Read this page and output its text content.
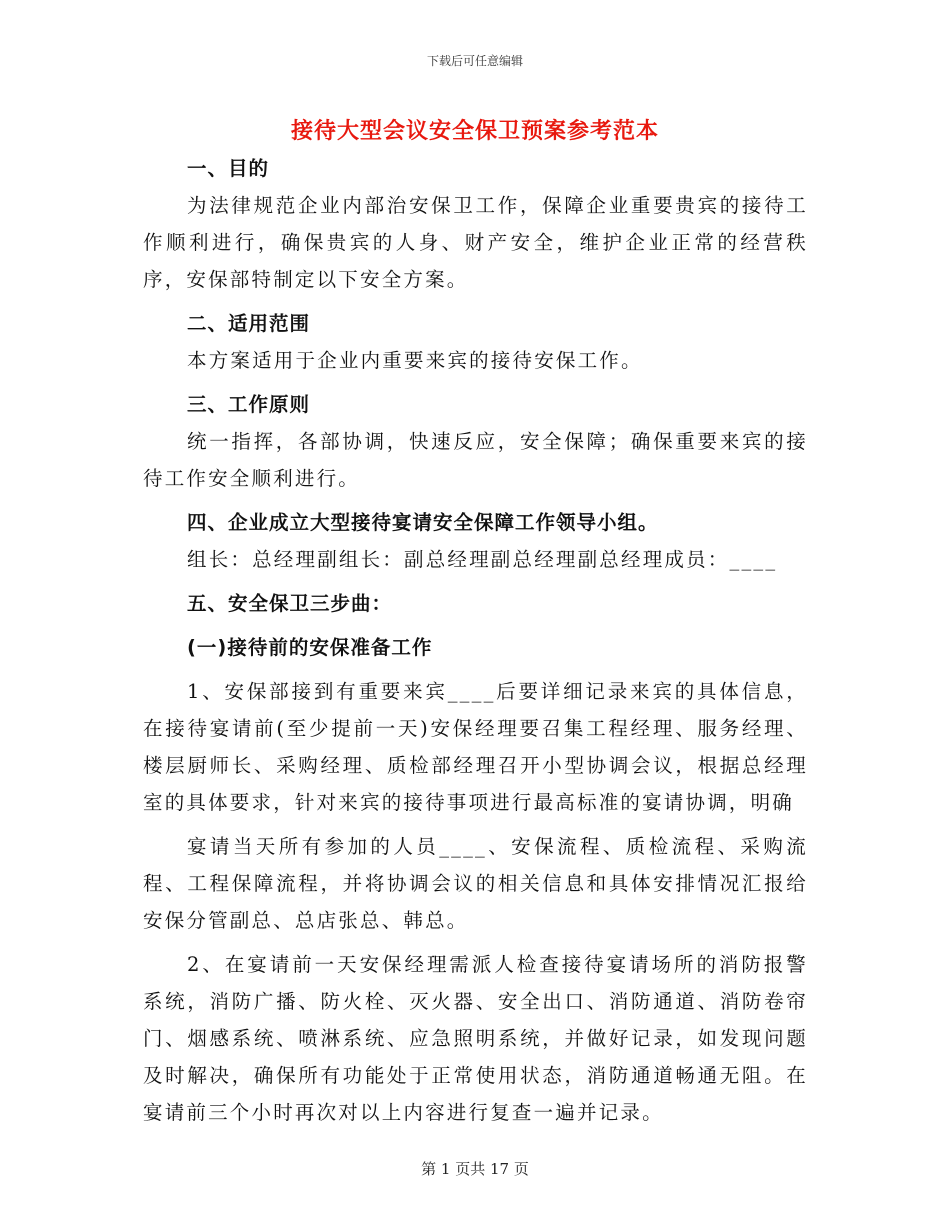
下载后可任意编辑
接待大型会议安全保卫预案参考范本
一、目的

为法律规范企业内部治安保卫工作，保障企业重要贵宾的接待工作顺利进行，确保贵宾的人身、财产安全，维护企业正常的经营秩序，安保部特制定以下安全方案。

二、适用范围

本方案适用于企业内重要来宾的接待安保工作。

三、工作原则

统一指挥，各部协调，快速反应，安全保障；确保重要来宾的接待工作安全顺利进行。

四、企业成立大型接待宴请安全保障工作领导小组。

组长：总经理副组长：副总经理副总经理副总经理成员：____

五、安全保卫三步曲：
(一)接待前的安保准备工作

1、安保部接到有重要来宾____后要详细记录来宾的具体信息，在接待宴请前(至少提前一天)安保经理要召集工程经理、服务经理、楼层厨师长、采购经理、质检部经理召开小型协调会议，根据总经理室的具体要求，针对来宾的接待事项进行最高标准的宴请协调，明确

宴请当天所有参加的人员____、安保流程、质检流程、采购流程、工程保障流程，并将协调会议的相关信息和具体安排情况汇报给安保分管副总、总店张总、韩总。

2、在宴请前一天安保经理需派人检查接待宴请场所的消防报警系统，消防广播、防火栓、灭火器、安全出口、消防通道、消防卷帘门、烟感系统、喷淋系统、应急照明系统，并做好记录，如发现问题及时解决，确保所有功能处于正常使用状态，消防通道畅通无阻。在宴请前三个小时再次对以上内容进行复查一遍并记录。

第 1 页共 17 页
